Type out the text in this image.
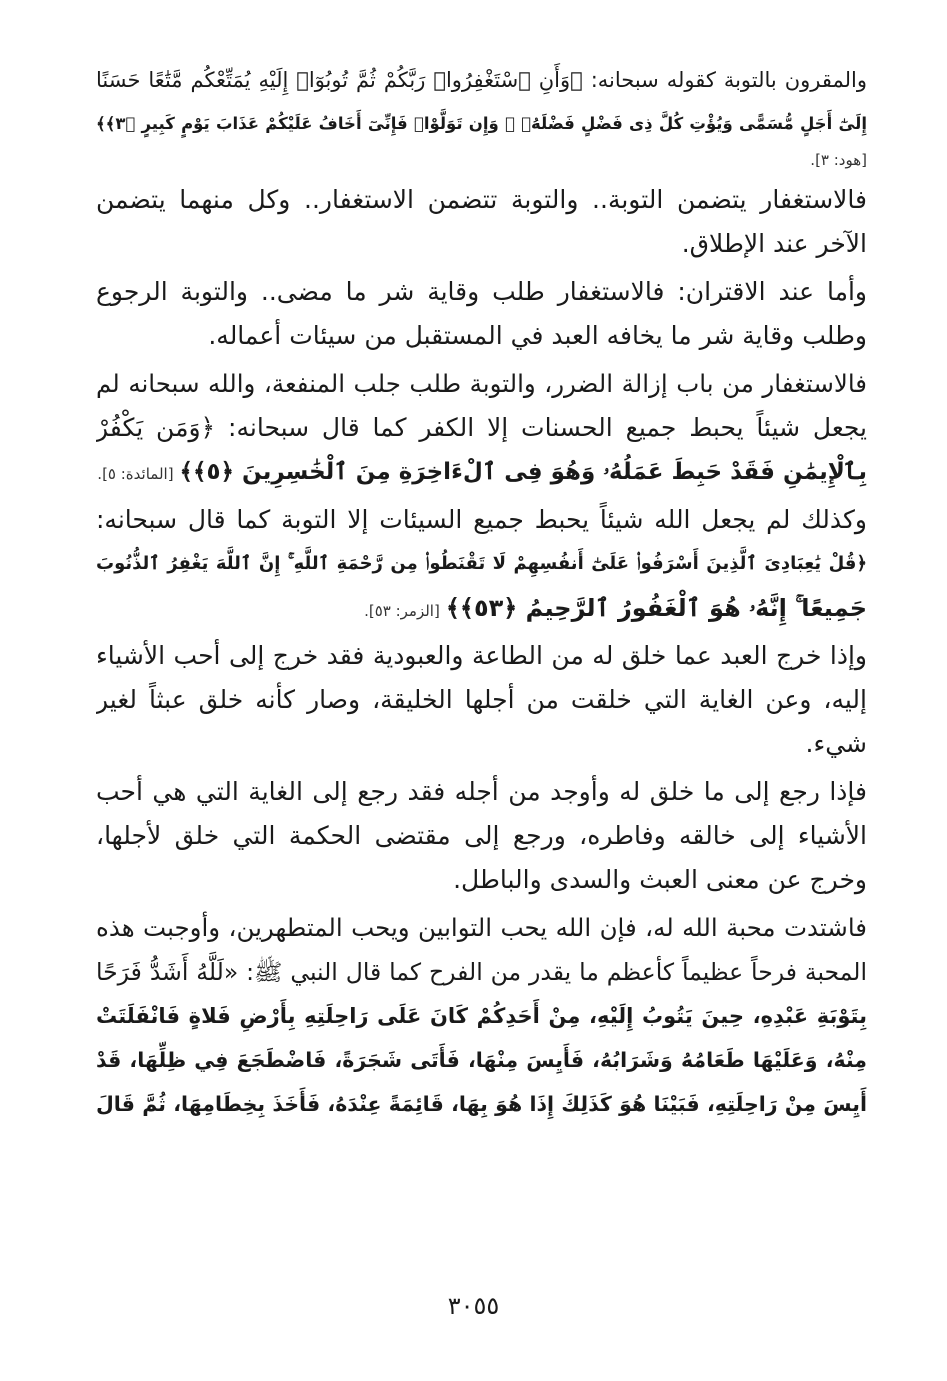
والمقرون بالتوبة كقوله سبحانه: ﴿وَأَنِ ٱسْتَغْفِرُوا۟ رَبَّكُمْ ثُمَّ تُوبُوٓا۟ إِلَيْهِ يُمَتِّعْكُم مَّتَٰعًا حَسَنًا
إِلَىٰٓ أَجَلٍ مُّسَمًّى وَيُؤْتِ كُلَّ ذِى فَضْلٍ فَضْلَهُۥ ۖ وَإِن تَوَلَّوْا۟ فَإِنِّىٓ أَخَافُ عَلَيْكُمْ عَذَابَ يَوْمٍ كَبِيرٍ ﴿٣﴾﴾
[هود: ٣].
فالاستغفار يتضمن التوبة.. والتوبة تتضمن الاستغفار.. وكل منهما يتضمن
الآخر عند الإطلاق.
وأما عند الاقتران: فالاستغفار طلب وقاية شر ما مضى.. والتوبة الرجوع
وطلب وقاية شر ما يخافه العبد في المستقبل من سيئات أعماله.
فالاستغفار من باب إزالة الضرر، والتوبة طلب جلب المنفعة، والله سبحانه لم
يجعل شيئاً يحبط جميع الحسنات إلا الكفر كما قال سبحانه: ﴿وَمَن يَكْفُرْ
بِٱلْإِيمَٰنِ فَقَدْ حَبِطَ عَمَلُهُۥ وَهُوَ فِى ٱلْءَاخِرَةِ مِنَ ٱلْخَٰسِرِينَ ﴿٥﴾﴾[المائدة: ٥].
وكذلك لم يجعل الله شيئاً يحبط جميع السيئات إلا التوبة كما قال سبحانه:
﴿قُلْ يَٰعِبَادِىَ ٱلَّذِينَ أَسْرَفُوا۟ عَلَىٰٓ أَنفُسِهِمْ لَا تَقْنَطُوا۟ مِن رَّحْمَةِ ٱللَّهِ ۚ إِنَّ ٱللَّهَ يَغْفِرُ ٱلذُّنُوبَ
جَمِيعًا ۚ إِنَّهُۥ هُوَ ٱلْغَفُورُ ٱلرَّحِيمُ ﴿٥٣﴾﴾[الزمر: ٥٣].
وإذا خرج العبد عما خلق له من الطاعة والعبودية فقد خرج إلى أحب الأشياء
إليه، وعن الغاية التي خلقت من أجلها الخليقة، وصار كأنه خلق عبثاً لغير
شيء.
فإذا رجع إلى ما خلق له وأوجد من أجله فقد رجع إلى الغاية التي هي أحب
الأشياء إلى خالقه وفاطره، ورجع إلى مقتضى الحكمة التي خلق لأجلها،
وخرج عن معنى العبث والسدى والباطل.
فاشتدت محبة الله له، فإن الله يحب التوابين ويحب المتطهرين، وأوجبت هذه
المحبة فرحاً عظيماً كأعظم ما يقدر من الفرح كما قال النبي ﷺ: «لَلَّهُ أَشَدُّ فَرَحًا
بِتَوْبَةِ عَبْدِهِ، حِينَ يَتُوبُ إِلَيْهِ، مِنْ أَحَدِكُمْ كَانَ عَلَى رَاحِلَتِهِ بِأَرْضِ فَلاةٍ فَانْفَلَتَتْ
مِنْهُ، وَعَلَيْهَا طَعَامُهُ وَشَرَابُهُ، فَأَيِسَ مِنْهَا، فَأَتَى شَجَرَةً، فَاضْطَجَعَ فِي ظِلِّهَا، قَدْ
أَيِسَ مِنْ رَاحِلَتِهِ، فَبَيْنَا هُوَ كَذَلِكَ إِذَا هُوَ بِهَا، قَائِمَةً عِنْدَهُ، فَأَخَذَ بِخِطَامِهَا، ثُمَّ قَالَ
٣٠٥٥
